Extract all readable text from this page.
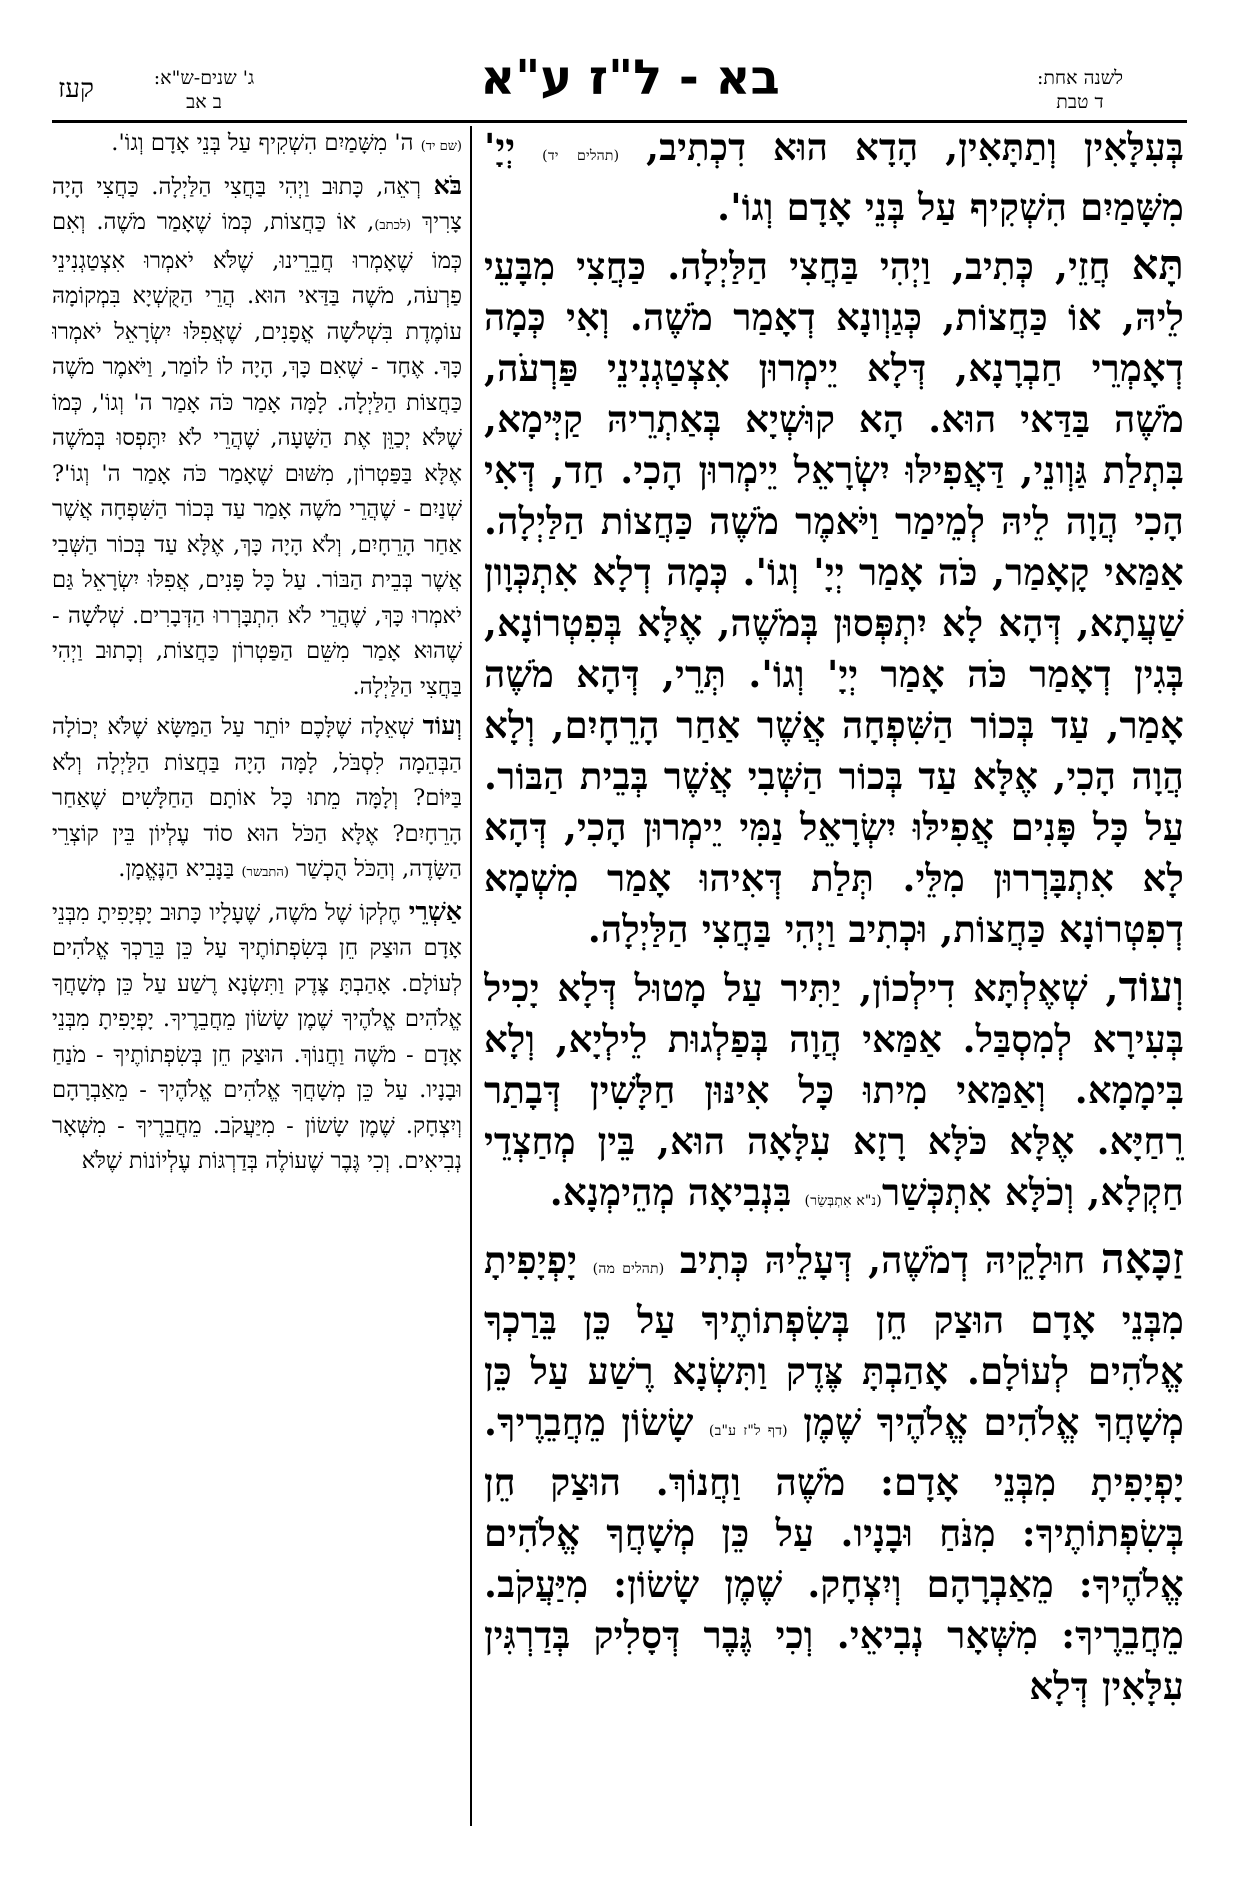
לשנה אחת:
ד טבת
בא - ל"ז ע"א
ג' שנים-ש"א:
ב אב
קעז

בְּעִלָּאִין וְתַתָּאִין, הָדָא הוּא דִכְתִיב, (תהלים יד) יְיָ' מִשָּׁמַיִם הִשְׁקִיף עַל בְּנֵי אָדָם וְגוֹ'.

תָּא חֲזֵי, כְּתִיב, וַיְהִי בַּחֲצִי הַלַּיְלָה. כַּחֲצִי מִבָּעֵי לֵיהּ, אוֹ כַּחֲצוֹת, כְּגַוְונָא דְאָמַר מֹשֶׁה. וְאִי כְּמָה דְאָמְרֵי חַבְרָנָא, דְּלָא יֵימְרוּן אִצְטַגְנִינֵי פַּרְעֹה, מֹשֶׁה בַּדַּאי הוּא. הָא קוּשְׁיָא בְּאַתְרֵיהּ קַיְּימָא, בִּתְלַת גַּוְונֵי, דַּאֲפִילּוּ יִשְׂרָאֵל יֵימְרוּן הָכִי. חַד, דְּאִי הָכִי הֲוָה לֵיהּ לְמֵימַר וַיֹּאמֶר מֹשֶׁה כַּחֲצוֹת הַלַּיְלָה. אַמַּאי קָאָמַר, כֹּה אָמַר יְיָ' וְגוֹ'. כְּמָה דְלָא אִתְכְּוָון שַׁעֲתָא, דְּהָא לָא יִתְפְּסוּן בְּמֹשֶׁה, אֶלָּא בְּפִטְרוֹנָא, בְּגִין דְאָמַר כֹּה אָמַר יְיָ' וְגוֹ'. תְּרֵי, דְּהָא מֹשֶׁה אָמַר, עַד בְּכוֹר הַשִּׁפְחָה אֲשֶׁר אַחַר הָרֵחָיִם, וְלָא הֲוָה הָכִי, אֶלָּא עַד בְּכוֹר הַשְּׁבִי אֲשֶׁר בְּבֵית הַבּוֹר. עַל כָּל פָּנִים אֲפִילּוּ יִשְׂרָאֵל נַמִּי יֵימְרוּן הָכִי, דְּהָא לָא אִתְבָּרְרוּן מִלֵּי. תְּלַת דְּאִיהוּ אָמַר מִשְׁמָא דְפִטְרוֹנָא כַּחֲצוֹת, וּכְתִיב וַיְהִי בַּחֲצִי הַלַּיְלָה.

וְעוֹד, שְׁאֶלְתָּא דִילְכוֹן, יַתִּיר עַל מָטוּל דְּלָא יָכִיל בְּעִירָא לְמִסְבַּל. אַמַּאי הֲוָה בְּפַלְגוּת לֵילְיָא, וְלָא בִּימָמָא. וְאַמַּאי מִיתוּ כָּל אִינּוּן חַלָּשִׁין דְּבָתַר רֵחַיָּא. אֶלָּא כֹּלָּא רָזָא עִלָּאָה הוּא, בֵּין מְחַצְדֵי חַקְלָא, וְכֹלָּא אִתְכְּשַׁר(נ"א אִתְבְּשַׂר) בִּנְבִיאָה מְהֵימְנָא.

זַכָּאָה חוּלָקֵיהּ דְמֹשֶׁה, דְּעָלֵיהּ כְּתִיב (תהלים מה) יָפְיָפִיתָ מִבְּנֵי אָדָם הוּצַק חֵן בְּשִׂפְתוֹתֶיךָ עַל כֵּן בֵּרַכְךָ אֱלֹהִים לְעוֹלָם. אָהַבְתָּ צֶּדֶק וַתִּשְׂנָא רֶשַׁע עַל כֵּן מְשָׁחֲךָ אֱלֹהִים אֱלֹהֶיךָ שֶׁמֶן (דף ל"ז ע"ב) שָׂשׂוֹן מֵחֲבֵרֶיךָ. יָפְיָפִיתָ מִבְּנֵי אָדָם: מֹשֶׁה וַחֲנוֹךְ. הוּצַק חֵן בְּשִׂפְתוֹתֶיךָ: מִנֹּחַ וּבָנָיו. עַל כֵּן מְשָׁחֲךָ אֱלֹהִים אֱלֹהֶיךָ: מֵאַבְרָהָם וְיִצְחָק. שֶׁמֶן שָׂשׂוֹן: מִיַּעֲקֹב. מֵחֲבֵרֶיךָ: מִשְּׁאָר נְבִיאֵי. וְכִי גֶּבֶר דְּסָלִיק בְּדַרְגִּין עִלָּאִין דְּלָא

(שם יד) ה' מִשָּׁמַיִם הִשְׁקִיף עַל בְּנֵי אָדָם וְגוֹ'.

בֹּא רְאֵה, כָּתוּב וַיְהִי בַּחֲצִי הַלַּיְלָה. כַּחֲצִי הָיָה צָרִיךְ (לכתב), אוֹ כַּחֲצוֹת, כְּמוֹ שֶׁאָמַר מֹשֶׁה. וְאִם כְּמוֹ שֶׁאָמְרוּ חֲבֵרֵינוּ, שֶׁלֹּא יֹאמְרוּ אִצְטַגְנִינֵי פַרְעֹה, מֹשֶׁה בַּדַּאי הוּא. הֲרֵי הַקֻּשְׁיָא בִּמְקוֹמָהּ עוֹמֶדֶת בִּשְׁלֹשָׁה אֳפָנִים, שֶׁאֲפִלּוּ יִשְׂרָאֵל יֹאמְרוּ כָּךְ. אֶחָד - שֶׁאִם כָּךְ, הָיָה לוֹ לוֹמַר, וַיֹּאמֶר מֹשֶׁה כַּחֲצוֹת הַלַּיְלָה. לָמָּה אָמַר כֹּה אָמַר ה' וְגוֹ', כְּמוֹ שֶׁלֹּא יְכַוֵּן אֶת הַשָּׁעָה, שֶׁהֲרֵי לֹא יִתָּפְסוּ בְּמֹשֶׁה אֶלָּא בַּפַּטְרוֹן, מִשּׁוּם שֶׁאָמַר כֹּה אָמַר ה' וְגוֹ'? שְׁנַיִם - שֶׁהֲרֵי מֹשֶׁה אָמַר עַד בְּכוֹר הַשִּׁפְחָה אֲשֶׁר אַחַר הָרֵחָיִם, וְלֹא הָיָה כָּךְ, אֶלָּא עַד בְּכוֹר הַשְּׁבִי אֲשֶׁר בְּבֵית הַבּוֹר. עַל כָּל פָּנִים, אֲפִלּוּ יִשְׂרָאֵל גַּם יֹאמְרוּ כָּךְ, שֶׁהֲרֵי לֹא הִתְבָּרְרוּ הַדְּבָרִים. שְׁלֹשָׁה - שֶׁהוּא אָמַר מִשֵּׁם הַפַּטְרוֹן כַּחֲצוֹת, וְכָתוּב וַיְהִי בַּחֲצִי הַלַּיְלָה.

וְעוֹד שְׁאֵלָה שֶׁלָּכֶם יוֹתֵר עַל הַמַּשָּׂא שֶׁלֹּא יְכוֹלָה הַבְּהֵמָה לִסְבֹּל, לָמָּה הָיָה בַּחֲצוֹת הַלַּיְלָה וְלֹא בַּיּוֹם? וְלָמָּה מֵתוּ כָּל אוֹתָם הַחַלָּשִׁים שֶׁאַחַר הָרֵחָיִם? אֶלָּא הַכֹּל הוּא סוֹד עֶלְיוֹן בֵּין קוֹצְרֵי הַשָּׂדֶה, וְהַכֹּל הֻכְשַׁר (התבשר) בַּנָּבִיא הַנֶּאֱמָן.

אַשְׁרֵי חֶלְקוֹ שֶׁל מֹשֶׁה, שֶׁעָלָיו כָּתוּב יָפְיָפִיתָ מִבְּנֵי אָדָם הוּצַק חֵן בְּשִׂפְתוֹתֶיךָ עַל כֵּן בֵּרַכְךָ אֱלֹהִים לְעוֹלָם. אָהַבְתָּ צֶּדֶק וַתִּשְׂנָא רֶשַׁע עַל כֵּן מְשָׁחֲךָ אֱלֹהִים אֱלֹהֶיךָ שֶׁמֶן שָׂשׂוֹן מֵחֲבֵרֶיךָ. יָפְיָפִיתָ מִבְּנֵי אָדָם - מֹשֶׁה וַחֲנוֹךְ. הוּצַק חֵן בְּשִׂפְתוֹתֶיךָ - מֹנַחַ וּבָנָיו. עַל כֵּן מְשָׁחֲךָ אֱלֹהִים אֱלֹהֶיךָ - מֵאַבְרָהָם וְיִצְחָק. שֶׁמֶן שָׂשׂוֹן - מִיַּעֲקֹב. מֵחֲבֵרֶיךָ - מִשְּׁאָר נְבִיאִים. וְכִי גֶּבֶר שֶׁעוֹלֶה בְּדַרְגּוֹת עֶלְיוֹנוֹת שֶׁלֹּא
